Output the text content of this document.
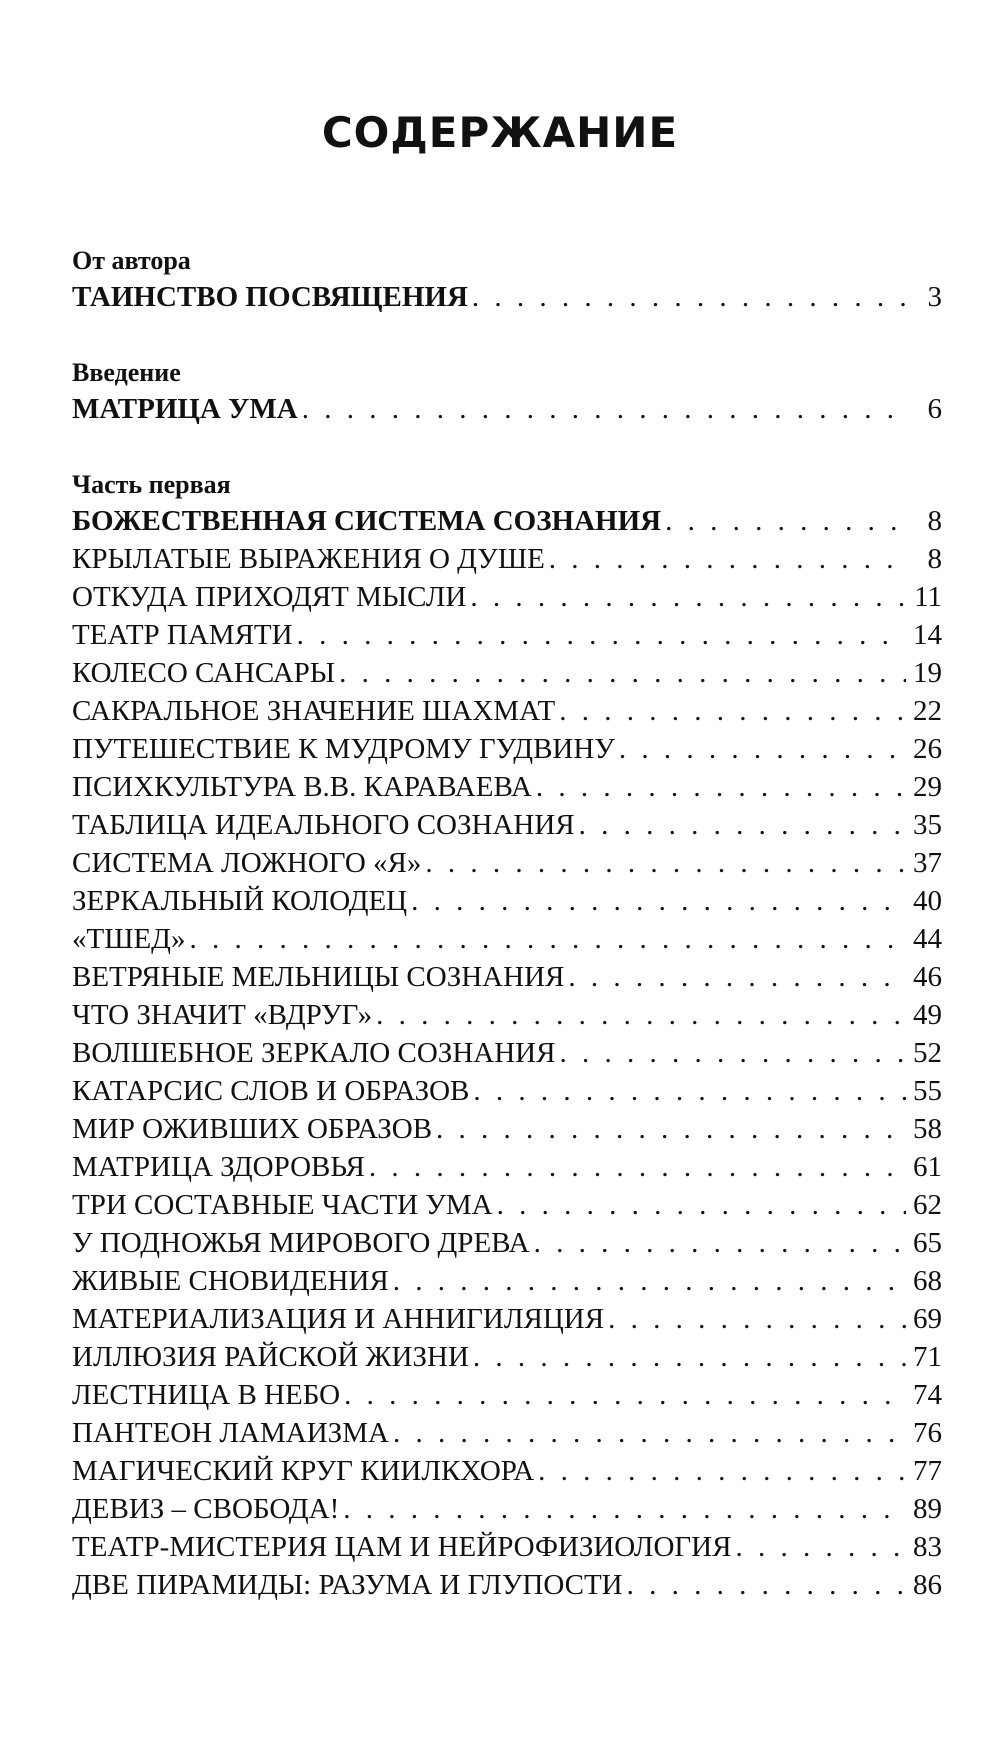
СОДЕРЖАНИЕ
От автора
ТАИНСТВО ПОСВЯЩЕНИЯ . . .	3
Введение
МАТРИЦА УМА . . .	6
Часть первая
БОЖЕСТВЕННАЯ СИСТЕМА СОЗНАНИЯ . . .	8
КРЫЛАТЫЕ ВЫРАЖЕНИЯ О ДУШЕ . . .	8
ОТКУДА ПРИХОДЯТ МЫСЛИ . . .	11
ТЕАТР ПАМЯТИ . . .	14
КОЛЕСО САНСАРЫ . . .	19
САКРАЛЬНОЕ ЗНАЧЕНИЕ ШАХМАТ . . .	22
ПУТЕШЕСТВИЕ К МУДРОМУ ГУДВИНУ . . .	26
ПСИХКУЛЬТУРА В.В. КАРАВАЕВА . . .	29
ТАБЛИЦА ИДЕАЛЬНОГО СОЗНАНИЯ . . .	35
СИСТЕМА ЛОЖНОГО «Я» . . .	37
ЗЕРКАЛЬНЫЙ КОЛОДЕЦ . . .	40
«ТШЕД» . . .	44
ВЕТРЯНЫЕ МЕЛЬНИЦЫ СОЗНАНИЯ . . .	46
ЧТО ЗНАЧИТ «ВДРУГ» . . .	49
ВОЛШЕБНОЕ ЗЕРКАЛО СОЗНАНИЯ . . .	52
КАТАРСИС СЛОВ И ОБРАЗОВ . . .	55
МИР ОЖИВШИХ ОБРАЗОВ . . .	58
МАТРИЦА ЗДОРОВЬЯ . . .	61
ТРИ СОСТАВНЫЕ ЧАСТИ УМА . . .	62
У ПОДНОЖЬЯ МИРОВОГО ДРЕВА . . .	65
ЖИВЫЕ СНОВИДЕНИЯ . . .	68
МАТЕРИАЛИЗАЦИЯ И АННИГИЛЯЦИЯ . . .	69
ИЛЛЮЗИЯ РАЙСКОЙ ЖИЗНИ . . .	71
ЛЕСТНИЦА В НЕБО . . .	74
ПАНТЕОН ЛАМАИЗМА . . .	76
МАГИЧЕСКИЙ КРУГ КИИЛКХОРА . . .	77
ДЕВИЗ – СВОБОДА! . . .	89
ТЕАТР-МИСТЕРИЯ ЦАМ И НЕЙРОФИЗИОЛОГИЯ . . .	83
ДВЕ ПИРАМИДЫ: РАЗУМА И ГЛУПОСТИ . . .	86
